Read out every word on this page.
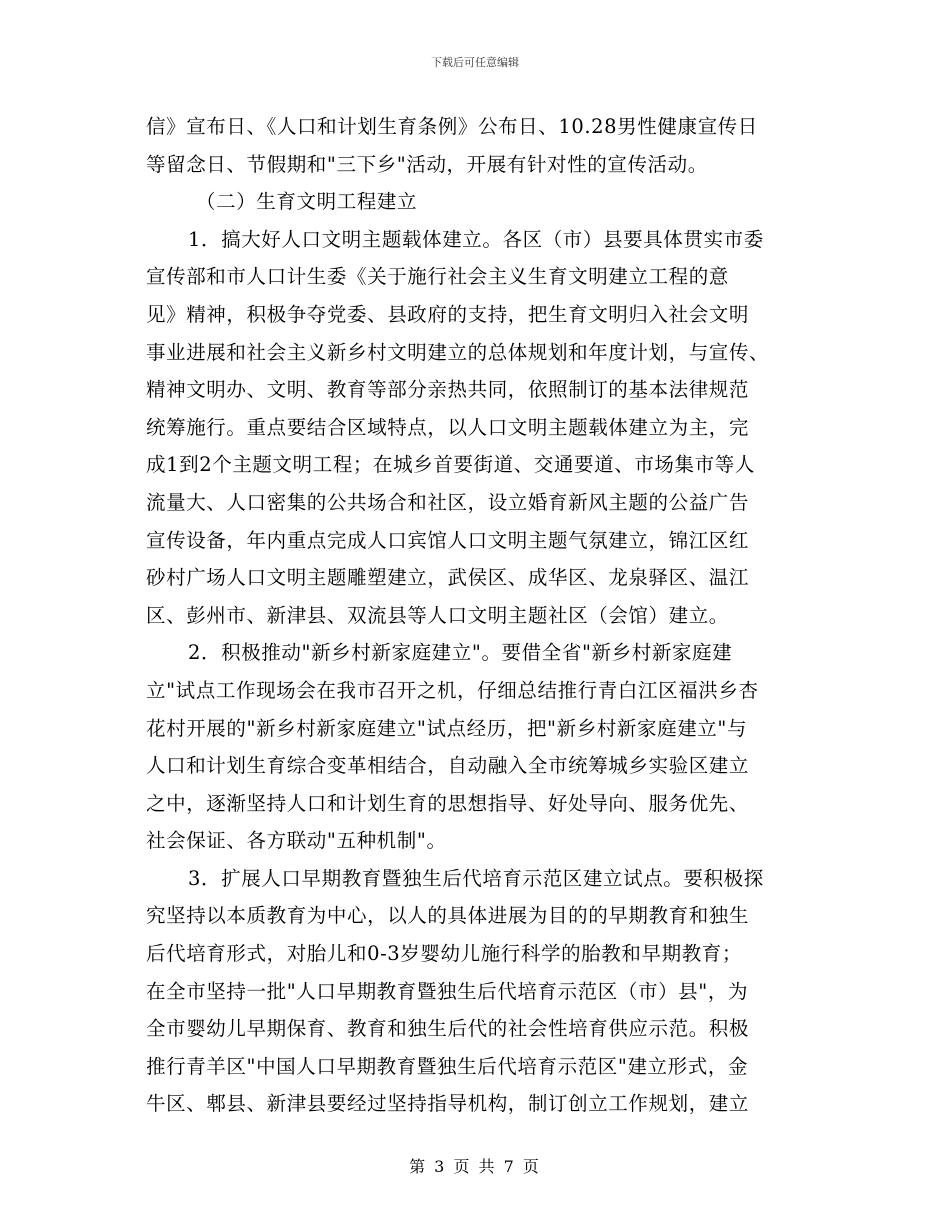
下载后可任意编辑
信》宣布日、《人口和计划生育条例》公布日、10.28男性健康宣传日
等留念日、节假期和"三下乡"活动，开展有针对性的宣传活动。
（二）生育文明工程建立
1．搞大好人口文明主题载体建立。各区（市）县要具体贯实市委
宣传部和市人口计生委《关于施行社会主义生育文明建立工程的意
见》精神，积极争夺党委、县政府的支持，把生育文明归入社会文明
事业进展和社会主义新乡村文明建立的总体规划和年度计划，与宣传、
精神文明办、文明、教育等部分亲热共同，依照制订的基本法律规范
统筹施行。重点要结合区域特点，以人口文明主题载体建立为主，完
成1到2个主题文明工程；在城乡首要街道、交通要道、市场集市等人
流量大、人口密集的公共场合和社区，设立婚育新风主题的公益广告
宣传设备，年内重点完成人口宾馆人口文明主题气氛建立，锦江区红
砂村广场人口文明主题雕塑建立，武侯区、成华区、龙泉驿区、温江
区、彭州市、新津县、双流县等人口文明主题社区（会馆）建立。
2．积极推动"新乡村新家庭建立"。要借全省"新乡村新家庭建
立"试点工作现场会在我市召开之机，仔细总结推行青白江区福洪乡杏
花村开展的"新乡村新家庭建立"试点经历，把"新乡村新家庭建立"与
人口和计划生育综合变革相结合，自动融入全市统筹城乡实验区建立
之中，逐渐坚持人口和计划生育的思想指导、好处导向、服务优先、
社会保证、各方联动"五种机制"。
3．扩展人口早期教育暨独生后代培育示范区建立试点。要积极探
究坚持以本质教育为中心，以人的具体进展为目的的早期教育和独生
后代培育形式，对胎儿和0-3岁婴幼儿施行科学的胎教和早期教育；
在全市坚持一批"人口早期教育暨独生后代培育示范区（市）县"，为
全市婴幼儿早期保育、教育和独生后代的社会性培育供应示范。积极
推行青羊区"中国人口早期教育暨独生后代培育示范区"建立形式，金
牛区、郫县、新津县要经过坚持指导机构，制订创立工作规划，建立
第 3 页 共 7 页
